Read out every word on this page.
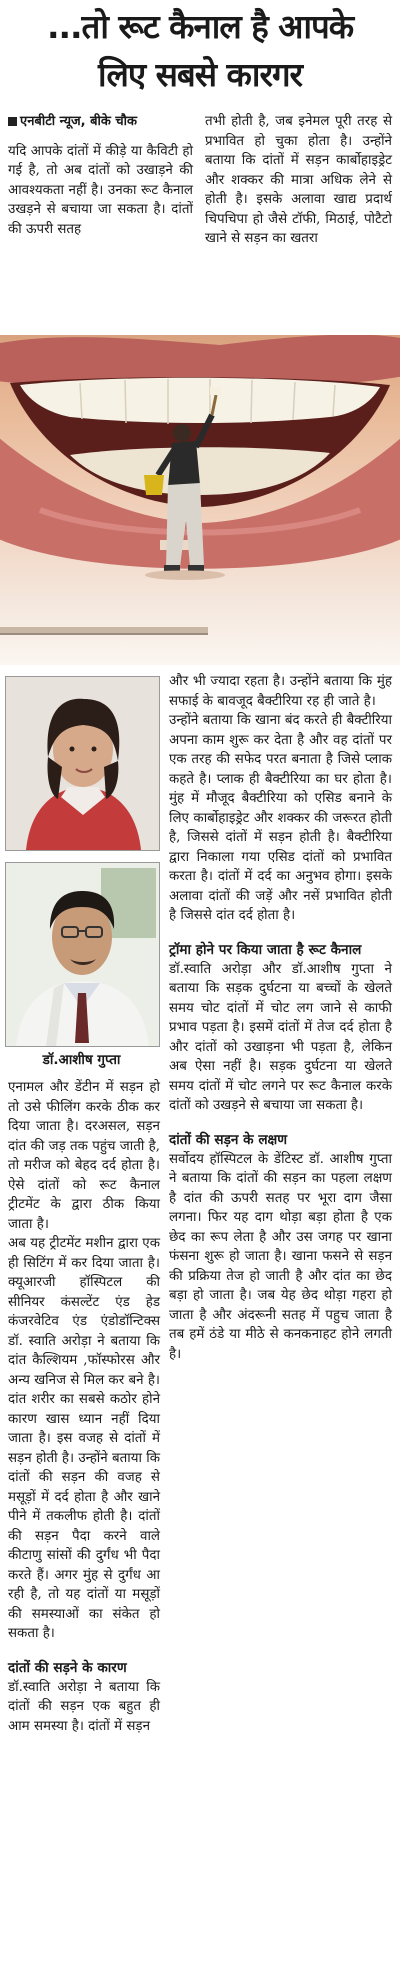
...तो रूट कैनाल है आपके
लिए सबसे कारगर

एनबीटी न्यूज, बीके चौक

यदि आपके दांतों में कीड़े या कैविटी हो गई है, तो अब दांतों को उखाड़ने की आवश्यकता नहीं है। उनका रूट कैनाल उखड़ने से बचाया जा सकता है। दांतों की ऊपरी सतह

तभी होती है, जब इनेमल पूरी तरह से प्रभावित हो चुका होता है। उन्होंने बताया कि दांतों में सड़न कार्बोहाइड्रेट और शक्कर की मात्रा अधिक लेने से होती है। इसके अलावा खाद्य प्रदार्थ चिपचिपा हो जैसे टॉफी, मिठाई, पोटैटो खाने से सड़न का खतरा

डॉ.आशीष गुप्ता

एनामल और डेंटीन में सड़न हो तो उसे फीलिंग करके ठीक कर दिया जाता है। दरअसल, सड़न दांत की जड़ तक पहुंच जाती है, तो मरीज को बेहद दर्द होता है। ऐसे दांतों को रूट कैनाल ट्रीटमेंट के द्वारा ठीक किया जाता है।

अब यह ट्रीटमेंट मशीन द्वारा एक ही सिटिंग में कर दिया जाता है। क्यूआरजी हॉस्पिटल की सीनियर कंसल्टेंट एंड हेड कंजरवेटिव एंड एंडोडॉन्टिक्स डॉ. स्वाति अरोड़ा ने बताया कि दांत कैल्शियम ,फॉस्फोरस और अन्य खनिज से मिल कर बने है। दांत शरीर का सबसे कठोर होने कारण खास ध्यान नहीं दिया जाता है। इस वजह से दांतों में सड़न होती है। उन्होंने बताया कि दांतों की सड़न की वजह से मसूड़ों में दर्द होता है और खाने पीने में तकलीफ होती है। दांतों की सड़न पैदा करने वाले कीटाणु सांसों की दुर्गंध भी पैदा करते हैं। अगर मुंह से दुर्गंध आ रही है, तो यह दांतों या मसूड़ों की समस्याओं का संकेत हो सकता है।

दांतों की सड़ने के कारण

डॉ.स्वाति अरोड़ा ने बताया कि दांतों की सड़न एक बहुत ही आम समस्या है। दांतों में सड़न

और भी ज्यादा रहता है। उन्होंने बताया कि मुंह सफाई के बावजूद बैक्टीरिया रह ही जाते है।

उन्होंने बताया कि खाना बंद करते ही बैक्टीरिया अपना काम शुरू कर देता है और वह दांतों पर एक तरह की सफेद परत बनाता है जिसे प्लाक कहते है। प्लाक ही बैक्टीरिया का घर होता है। मुंह में मौजूद बैक्टीरिया को एसिड बनाने के लिए कार्बोहाइड्रेट और शक्कर की जरूरत होती है, जिससे दांतों में सड़न होती है। बैक्टीरिया द्वारा निकाला गया एसिड दांतों को प्रभावित करता है। दांतों में दर्द का अनुभव होगा। इसके अलावा दांतों की जड़ें और नसें प्रभावित होती है जिससे दांत दर्द होता है।

ट्रॉमा होने पर किया जाता है रूट कैनाल

डॉ.स्वाति अरोड़ा और डॉ.आशीष गुप्ता ने बताया कि सड़क दुर्घटना या बच्चों के खेलते समय चोट दांतों में चोट लग जाने से काफी प्रभाव पड़ता है। इसमें दांतों में तेज दर्द होता है और दांतों को उखाड़ना भी पड़ता है, लेकिन अब ऐसा नहीं है। सड़क दुर्घटना या खेलते समय दांतों में चोट लगने पर रूट कैनाल करके दांतों को उखड़ने से बचाया जा सकता है।

दांतों की सड़न के लक्षण

सर्वोदय हॉस्पिटल के डेंटिस्ट डॉ. आशीष गुप्ता ने बताया कि दांतों की सड़न का पहला लक्षण है दांत की ऊपरी सतह पर भूरा दाग जैसा लगना। फिर यह दाग थोड़ा बड़ा होता है एक छेद का रूप लेता है और उस जगह पर खाना फंसना शुरू हो जाता है। खाना फसने से सड़न की प्रक्रिया तेज हो जाती है और दांत का छेद बड़ा हो जाता है। जब येह छेद थोड़ा गहरा हो जाता है और अंदरूनी सतह में पहुच जाता है तब हमें ठंडे या मीठे से कनकनाहट होने लगती है।
